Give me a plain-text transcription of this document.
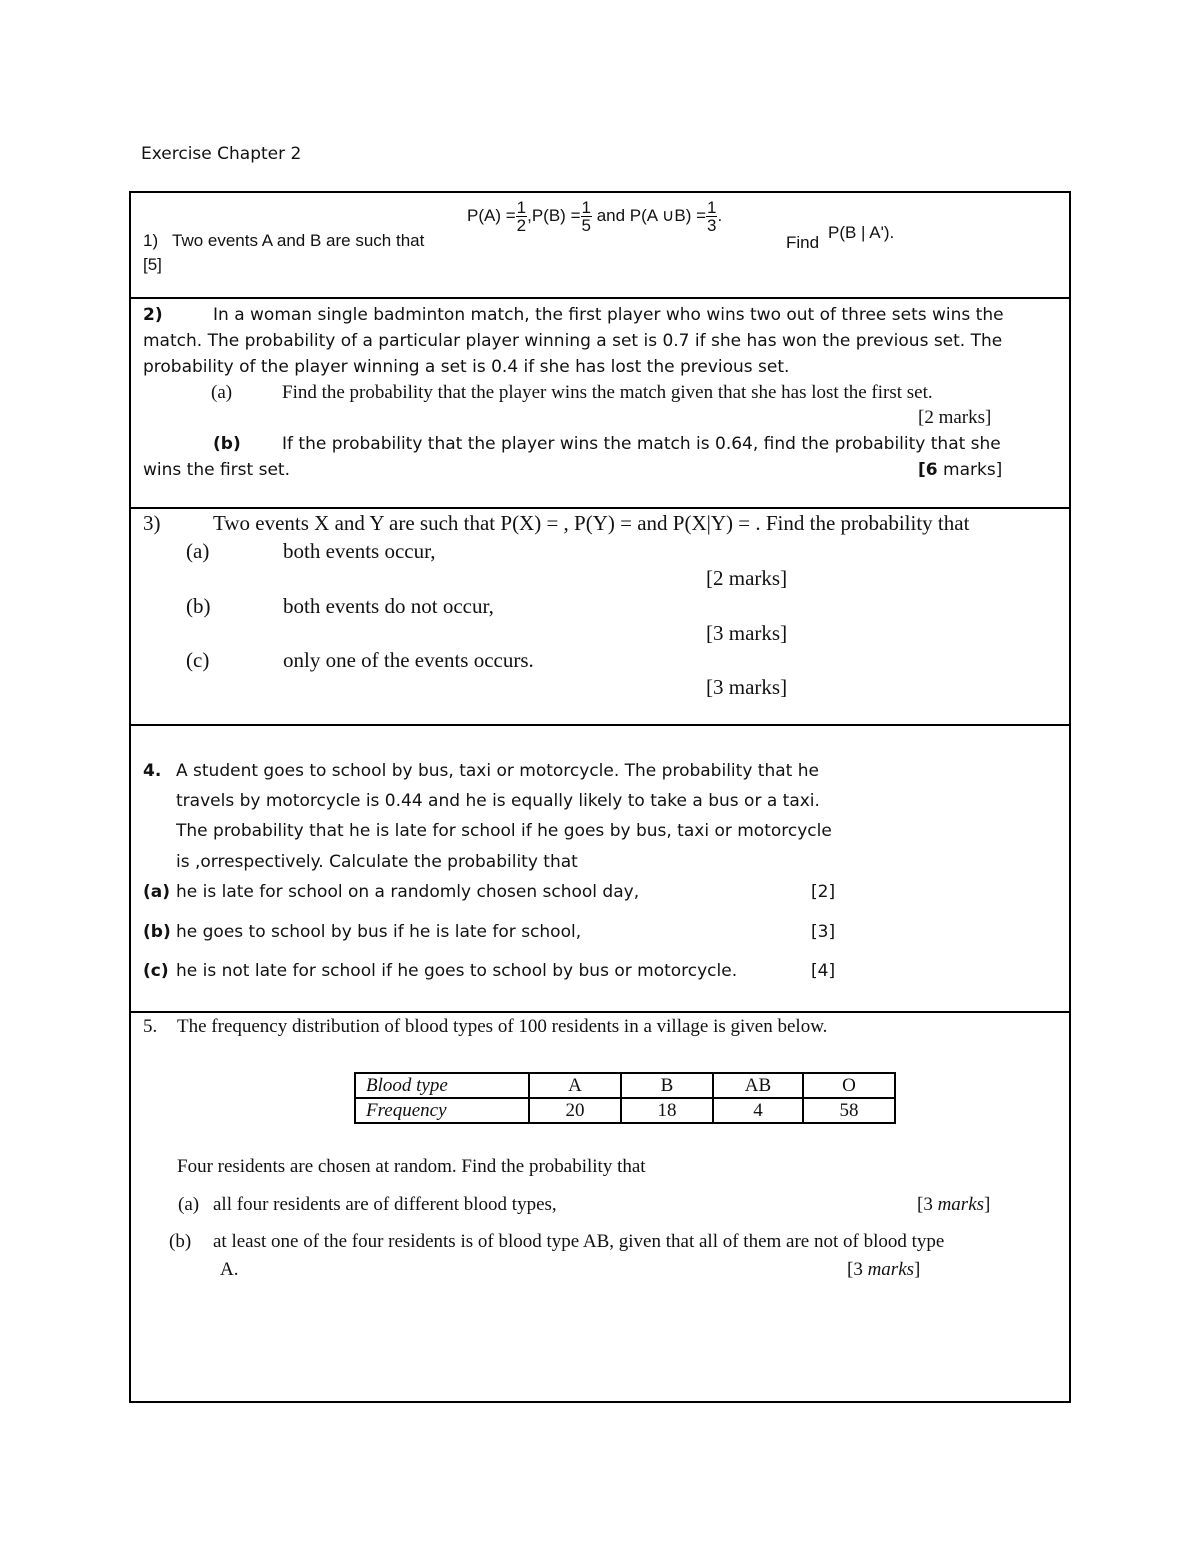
Exercise Chapter 2
1) Two events A and B are such that
$P(A) = \frac{1}{2} ,P(B) = \frac{1}{5}$ and P(A ∪B) = $\frac{1}{3}$ .
Find
P(B | A').
[5]
2)	In a woman single badminton match, the first player who wins two out of three sets wins the
match. The probability of a particular player winning a set is 0.7 if she has won the previous set. The
probability of the player winning a set is 0.4 if she has lost the previous set.
(a)	Find the probability that the player wins the match given that she has lost the first set.
[2 marks]
(b) If the probability that the player wins the match is 0.64, find the probability that she
wins the first set.	[6 marks]
3)	Two events X and Y are such that P(X) = , P(Y) = and P(X|Y) = . Find the probability that
(a)	both events occur,
[2 marks]
(b)	both events do not occur,
[3 marks]
(c)	only one of the events occurs.
[3 marks]
4. A student goes to school by bus, taxi or motorcycle. The probability that he
travels by motorcycle is 0.44 and he is equally likely to take a bus or a taxi.
The probability that he is late for school if he goes by bus, taxi or motorcycle
is ,orrespectively. Calculate the probability that
(a) he is late for school on a randomly chosen school day,	[2]
(b) he goes to school by bus if he is late for school,	[3]
(c) he is not late for school if he goes to school by bus or motorcycle.	[4]
5. The frequency distribution of blood types of 100 residents in a village is given below.
Blood type	A	B	AB	O
Frequency	20	18	4	58
Four residents are chosen at random. Find the probability that
(a) all four residents are of different blood types,	[3 marks]
(b) at least one of the four residents is of blood type AB, given that all of them are not of blood type
A.	[3 marks]
